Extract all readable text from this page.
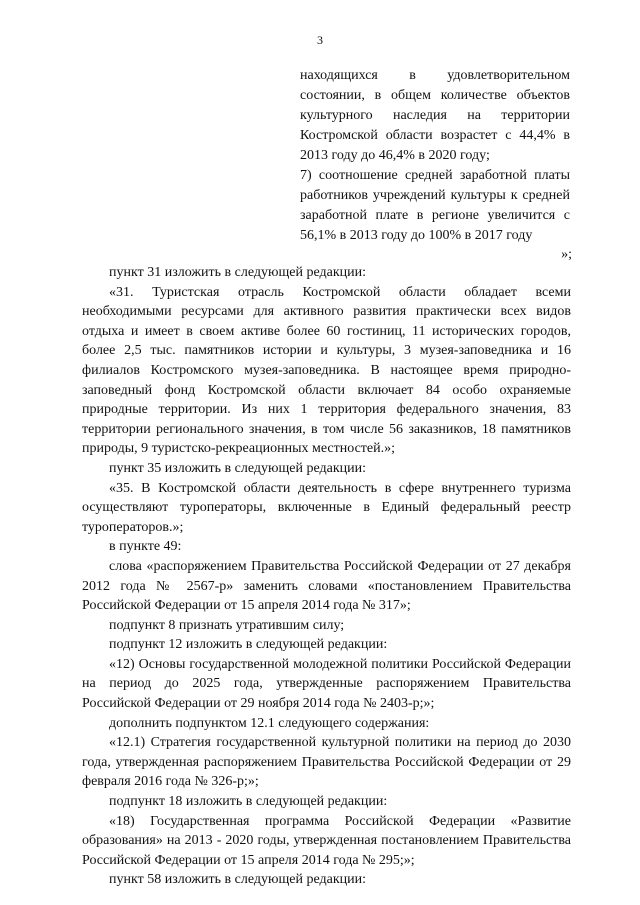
3
находящихся в удовлетворительном состоянии, в общем количестве объектов культурного наследия на территории Костромской области возрастет с 44,4% в 2013 году до 46,4% в 2020 году;
7) соотношение средней заработной платы работников учреждений культуры к средней заработной плате в регионе увеличится с 56,1% в 2013 году до 100% в 2017 году
»;

пункт 31 изложить в следующей редакции:

«31. Туристская отрасль Костромской области обладает всеми необходимыми ресурсами для активного развития практически всех видов отдыха и имеет в своем активе более 60 гостиниц, 11 исторических городов, более 2,5 тыс. памятников истории и культуры, 3 музея-заповедника и 16 филиалов Костромского музея-заповедника. В настоящее время природно-заповедный фонд Костромской области включает 84 особо охраняемые природные территории. Из них 1 территория федерального значения, 83 территории регионального значения, в том числе 56 заказников, 18 памятников природы, 9 туристско-рекреационных местностей.»;

пункт 35 изложить в следующей редакции:

«35. В Костромской области деятельность в сфере внутреннего туризма осуществляют туроператоры, включенные в Единый федеральный реестр туроператоров.»;

в пункте 49:

слова «распоряжением Правительства Российской Федерации от 27 декабря 2012 года № 2567-р» заменить словами «постановлением Правительства Российской Федерации от 15 апреля 2014 года № 317»;

подпункт 8 признать утратившим силу;

подпункт 12 изложить в следующей редакции:

«12) Основы государственной молодежной политики Российской Федерации на период до 2025 года, утвержденные распоряжением Правительства Российской Федерации от 29 ноября 2014 года № 2403-р;»;

дополнить подпунктом 12.1 следующего содержания:

«12.1) Стратегия государственной культурной политики на период до 2030 года, утвержденная распоряжением Правительства Российской Федерации от 29 февраля 2016 года № 326-р;»;

подпункт 18 изложить в следующей редакции:

«18) Государственная программа Российской Федерации «Развитие образования» на 2013 - 2020 годы, утвержденная постановлением Правительства Российской Федерации от 15 апреля 2014 года № 295;»;

пункт 58 изложить в следующей редакции:
